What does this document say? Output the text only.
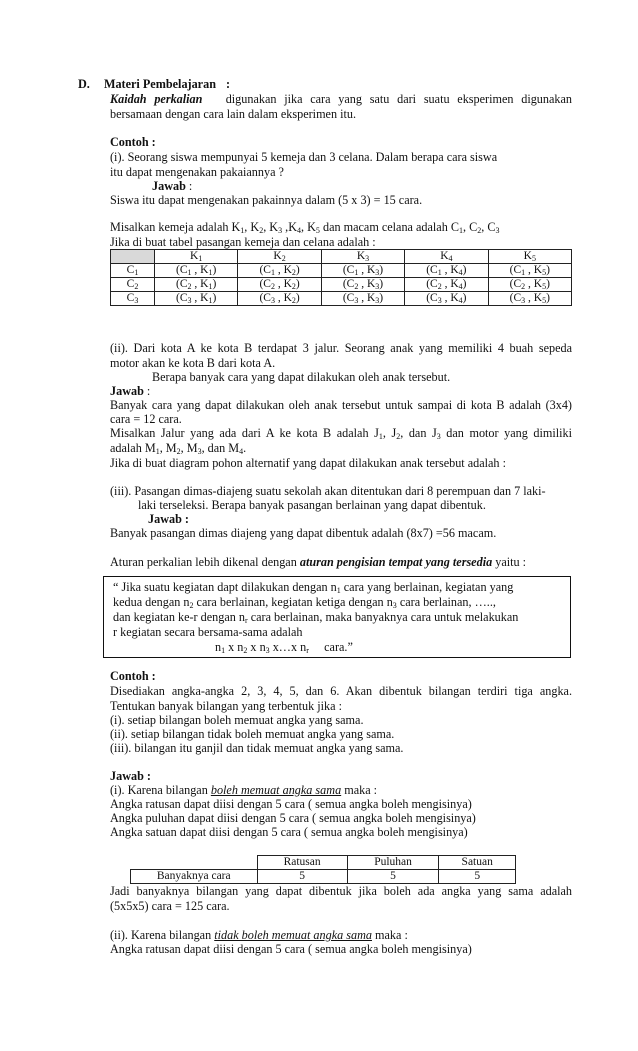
D. Materi Pembelajaran :
Kaidah perkalian digunakan jika cara yang satu dari suatu eksperimen digunakan
bersamaan dengan cara lain dalam eksperimen itu.
Contoh :
(i). Seorang siswa mempunyai 5 kemeja dan 3 celana. Dalam berapa cara siswa
itu dapat mengenakan pakaiannya ?
Jawab :
Siswa itu dapat mengenakan pakainnya dalam (5 x 3) = 15 cara.
Misalkan kemeja adalah $K_1$, $K_2$, $K_3$ $,K_4$, $K_5$ dan macam celana adalah $C_1$, $C_2$, $C_3$
Jika di buat tabel pasangan kemeja dan celana adalah :
	$K_1$	$K_2$	$K_3$	$K_4$	$K_5$
$C_1$	($C_1$ , $K_1$)	($C_1$ , $K_2$)	($C_1$ , $K_3$)	($C_1$ , $K_4$)	($C_1$ , $K_5$)
$C_2$	($C_2$ , $K_1$)	($C_2$ , $K_2$)	($C_2$ , $K_3$)	($C_2$ , $K_4$)	($C_2$ , $K_5$)
$C_3$	($C_3$ , $K_1$)	($C_3$ , $K_2$)	($C_3$ , $K_3$)	($C_3$ , $K_4$)	($C_3$ , $K_5$)
(ii). Dari kota A ke kota B terdapat 3 jalur. Seorang anak yang memiliki 4 buah sepeda
motor akan ke kota B dari kota A.
Berapa banyak cara yang dapat dilakukan oleh anak tersebut.
Jawab :
Banyak cara yang dapat dilakukan oleh anak tersebut untuk sampai di kota B adalah (3x4)
cara = 12 cara.
Misalkan Jalur yang ada dari A ke kota B adalah $J_1$, $J_2$, dan $J_3$ dan motor yang dimiliki
adalah $M_1$, $M_2$, $M_3$, dan $M_4$.
Jika di buat diagram pohon alternatif yang dapat dilakukan anak tersebut adalah :
(iii). Pasangan dimas-diajeng suatu sekolah akan ditentukan dari 8 perempuan dan 7 laki-
laki terseleksi. Berapa banyak pasangan berlainan yang dapat dibentuk.
Jawab :
Banyak pasangan dimas diajeng yang dapat dibentuk adalah (8x7) =56 macam.
Aturan perkalian lebih dikenal dengan aturan pengisian tempat yang tersedia yaitu :
“ Jika suatu kegiatan dapt dilakukan dengan $n_1$ cara yang berlainan, kegiatan yang
kedua dengan $n_2$ cara berlainan, kegiatan ketiga dengan $n_3$ cara berlainan, …..,
dan kegiatan ke-r dengan $n_r$ cara berlainan, maka banyaknya cara untuk melakukan
r kegiatan secara bersama-sama adalah
$n_1$ x $n_2$ x $n_3$ x…x $n_r$ cara.”
Contoh :
Disediakan angka-angka 2, 3, 4, 5, dan 6. Akan dibentuk bilangan terdiri tiga angka.
Tentukan banyak bilangan yang terbentuk jika :
(i). setiap bilangan boleh memuat angka yang sama.
(ii). setiap bilangan tidak boleh memuat angka yang sama.
(iii). bilangan itu ganjil dan tidak memuat angka yang sama.
Jawab :
(i). Karena bilangan boleh memuat angka sama maka :
Angka ratusan dapat diisi dengan 5 cara ( semua angka boleh mengisinya)
Angka puluhan dapat diisi dengan 5 cara ( semua angka boleh mengisinya)
Angka satuan dapat diisi dengan 5 cara ( semua angka boleh mengisinya)
	Ratusan	Puluhan	Satuan
Banyaknya cara	5	5	5
Jadi banyaknya bilangan yang dapat dibentuk jika boleh ada angka yang sama adalah
(5x5x5) cara = 125 cara.
(ii). Karena bilangan tidak boleh memuat angka sama maka :
Angka ratusan dapat diisi dengan 5 cara ( semua angka boleh mengisinya)
